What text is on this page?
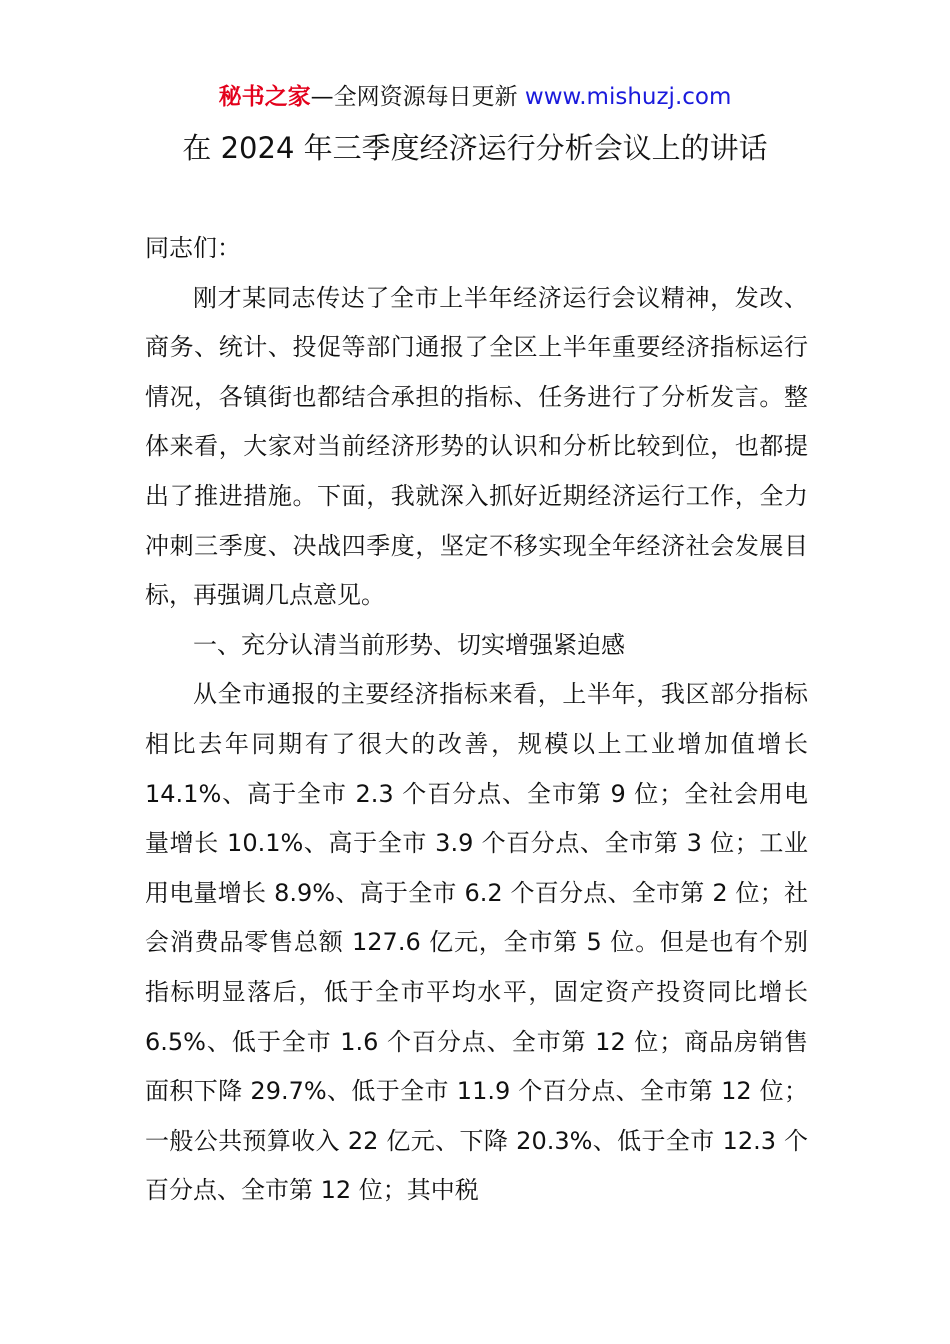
秘书之家—全网资源每日更新 www.mishuzj.com
在 2024 年三季度经济运行分析会议上的讲话

同志们：

刚才某同志传达了全市上半年经济运行会议精神，发改、商务、统计、投促等部门通报了全区上半年重要经济指标运行情况，各镇街也都结合承担的指标、任务进行了分析发言。整体来看，大家对当前经济形势的认识和分析比较到位，也都提出了推进措施。下面，我就深入抓好近期经济运行工作，全力冲刺三季度、决战四季度，坚定不移实现全年经济社会发展目标，再强调几点意见。

一、充分认清当前形势、切实增强紧迫感

从全市通报的主要经济指标来看，上半年，我区部分指标相比去年同期有了很大的改善，规模以上工业增加值增长 14.1%、高于全市 2.3 个百分点、全市第 9 位；全社会用电量增长 10.1%、高于全市 3.9 个百分点、全市第 3 位；工业用电量增长 8.9%、高于全市 6.2 个百分点、全市第 2 位；社会消费品零售总额 127.6 亿元，全市第 5 位。但是也有个别指标明显落后，低于全市平均水平，固定资产投资同比增长 6.5%、低于全市 1.6 个百分点、全市第 12 位；商品房销售面积下降 29.7%、低于全市 11.9 个百分点、全市第 12 位；一般公共预算收入 22 亿元、下降 20.3%、低于全市 12.3 个百分点、全市第 12 位；其中税
